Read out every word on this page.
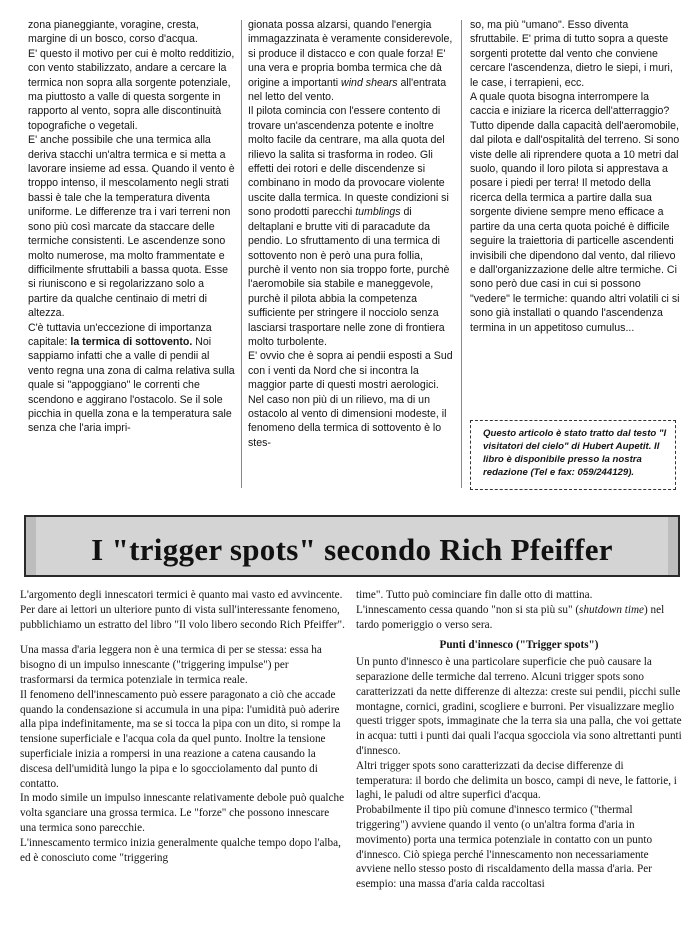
zona pianeggiante, voragine, cresta, margine di un bosco, corso d'acqua.

E' questo il motivo per cui è molto redditizio, con vento stabilizzato, andare a cercare la termica non sopra alla sorgente potenziale, ma piuttosto a valle di questa sorgente in rapporto al vento, sopra alle discontinuità topografiche o vegetali.

E' anche possibile che una termica alla deriva stacchi un'altra termica e si metta a lavorare insieme ad essa. Quando il vento è troppo intenso, il mescolamento negli strati bassi è tale che la temperatura diventa uniforme. Le differenze tra i vari terreni non sono più così marcate da staccare delle termiche consistenti. Le ascendenze sono molto numerose, ma molto frammentate e difficilmente sfruttabili a bassa quota. Esse si riuniscono e si regolarizzano solo a partire da qualche centinaio di metri di altezza.

C'è tuttavia un'eccezione di importanza capitale: la termica di sottovento. Noi sappiamo infatti che a valle di pendii al vento regna una zona di calma relativa sulla quale si "appoggiano" le correnti che scendono e aggirano l'ostacolo. Se il sole picchia in quella zona e la temperatura sale senza che l'aria impri-

gionata possa alzarsi, quando l'energia immagazzinata è veramente considerevole, si produce il distacco e con quale forza! E' una vera e propria bomba termica che dà origine a importanti wind shears all'entrata nel letto del vento.

Il pilota comincia con l'essere contento di trovare un'ascendenza potente e inoltre molto facile da centrare, ma alla quota del rilievo la salita si trasforma in rodeo. Gli effetti dei rotori e delle discendenze si combinano in modo da provocare violente uscite dalla termica. In queste condizioni si sono prodotti parecchi tumblings di deltaplani e brutte viti di paracadute da pendio. Lo sfruttamento di una termica di sottovento non è però una pura follia, purchè il vento non sia troppo forte, purchè l'aeromobile sia stabile e maneggevole, purchè il pilota abbia la competenza sufficiente per stringere il nocciolo senza lasciarsi trasportare nelle zone di frontiera molto turbolente.

E' ovvio che è sopra ai pendii esposti a Sud con i venti da Nord che si incontra la maggior parte di questi mostri aerologici. Nel caso non più di un rilievo, ma di un ostacolo al vento di dimensioni modeste, il fenomeno della termica di sottovento è lo stes-

so, ma più "umano". Esso diventa sfruttabile. E' prima di tutto sopra a queste sorgenti protette dal vento che conviene cercare l'ascendenza, dietro le siepi, i muri, le case, i terrapieni, ecc.

A quale quota bisogna interrompere la caccia e iniziare la ricerca dell'atterraggio? Tutto dipende dalla capacità dell'aeromobile, dal pilota e dall'ospitalità del terreno. Si sono viste delle ali riprendere quota a 10 metri dal suolo, quando il loro pilota si apprestava a posare i piedi per terra! Il metodo della ricerca della termica a partire dalla sua sorgente diviene sempre meno efficace a partire da una certa quota poiché è difficile seguire la traiettoria di particelle ascendenti invisibili che dipendono dal vento, dal rilievo e dall'organizzazione delle altre termiche. Ci sono però due casi in cui si possono "vedere" le termiche: quando altri volatili ci si sono già installati o quando l'ascendenza termina in un appetitoso cumulus...

Questo articolo è stato tratto dal testo "I visitatori del cielo" di Hubert Aupetit. Il libro è disponibile presso la nostra redazione (Tel e fax: 059/244129).

I "trigger spots" secondo Rich Pfeiffer

L'argomento degli innescatori termici è quanto mai vasto ed avvincente. Per dare ai lettori un ulteriore punto di vista sull'interessante fenomeno, pubblichiamo un estratto del libro "Il volo libero secondo Rich Pfeiffer".

Una massa d'aria leggera non è una termica di per se stessa: essa ha bisogno di un impulso innescante ("triggering impulse") per trasformarsi da termica potenziale in termica reale.

Il fenomeno dell'innescamento può essere paragonato a ciò che accade quando la condensazione si accumula in una pipa: l'umidità può aderire alla pipa indefinitamente, ma se si tocca la pipa con un dito, si rompe la tensione superficiale e l'acqua cola da quel punto. Inoltre la tensione superficiale inizia a rompersi in una reazione a catena causando la discesa dell'umidità lungo la pipa e lo sgocciolamento dal punto di contatto.

In modo simile un impulso innescante relativamente debole può qualche volta sganciare una grossa termica. Le "forze" che possono innescare una termica sono parecchie.

L'innescamento termico inizia generalmente qualche tempo dopo l'alba, ed è conosciuto come "triggering

time". Tutto può cominciare fin dalle otto di mattina.

L'innescamento cessa quando "non si sta più su" (shutdown time) nel tardo pomeriggio o verso sera.

Punti d'innesco ("Trigger spots")

Un punto d'innesco è una particolare superficie che può causare la separazione delle termiche dal terreno. Alcuni trigger spots sono caratterizzati da nette differenze di altezza: creste sui pendii, picchi sulle montagne, cornici, gradini, scogliere e burroni. Per visualizzare meglio questi trigger spots, immaginate che la terra sia una palla, che voi gettate in acqua: tutti i punti dai quali l'acqua sgocciola via sono altrettanti punti d'innesco.

Altri trigger spots sono caratterizzati da decise differenze di temperatura: il bordo che delimita un bosco, campi di neve, le fattorie, i laghi, le paludi od altre superfici d'acqua.

Probabilmente il tipo più comune d'innesco termico ("thermal triggering") avviene quando il vento (o un'altra forma d'aria in movimento) porta una termica potenziale in contatto con un punto d'innesco. Ciò spiega perché l'innescamento non necessariamente avviene nello stesso posto di riscaldamento della massa d'aria. Per esempio: una massa d'aria calda raccoltasi
